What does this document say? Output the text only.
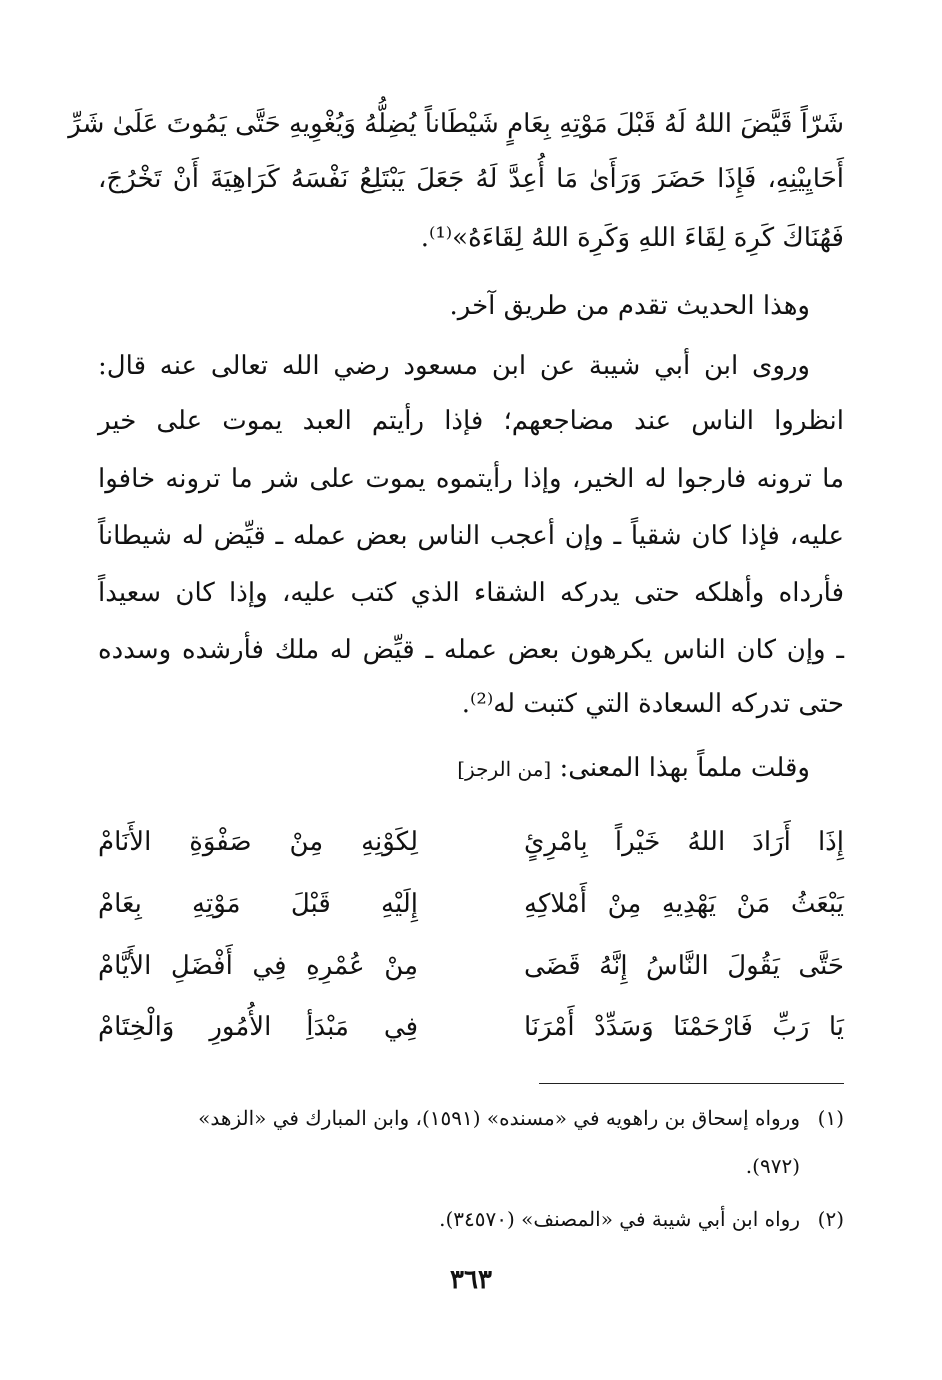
شَرّاً قَيَّضَ اللهُ لَهُ قَبْلَ مَوْتِهِ بِعَامٍ شَيْطَاناً يُضِلُّهُ وَيُغْوِيهِ حَتَّى يَمُوتَ عَلَىٰ شَرِّ
أَحَايِيْنِهِ، فَإِذَا حَضَرَ وَرَأَىٰ مَا أُعِدَّ لَهُ جَعَلَ يَبْتَلِعُ نَفْسَهُ كَرَاهِيَةَ أَنْ تَخْرُجَ،
فَهُنَاكَ كَرِهَ لِقَاءَ اللهِ وَكَرِهَ اللهُ لِقَاءَهُ»⁽¹⁾.
وهذا الحديث تقدم من طريق آخر.
وروى ابن أبي شيبة عن ابن مسعود رضي الله تعالى عنه قال:
انظروا الناس عند مضاجعهم؛ فإذا رأيتم العبد يموت على خير
ما ترونه فارجوا له الخير، وإذا رأيتموه يموت على شر ما ترونه خافوا
عليه، فإذا كان شقياً ـ وإن أعجب الناس بعض عمله ـ قيِّض له شيطاناً
فأرداه وأهلكه حتى يدركه الشقاء الذي كتب عليه، وإذا كان سعيداً
ـ وإن كان الناس يكرهون بعض عمله ـ قيِّض له ملك فأرشده وسدده
حتى تدركه السعادة التي كتبت له⁽²⁾.
وقلت ملماً بهذا المعنى: [من الرجز]
إِذَا أَرَادَ اللهُ خَيْراً بِامْرِئٍ
لِكَوْنِهِ مِنْ صَفْوَةِ الأَنَامْ
يَبْعَثُ مَنْ يَهْدِيهِ مِنْ أَمْلاكِهِ
إِلَيْهِ قَبْلَ مَوْتِهِ بِعَامْ
حَتَّى يَقُولَ النَّاسُ إِنَّهُ قَضَى
مِنْ عُمْرِهِ فِي أَفْضَلِ الأَيَّامْ
يَا رَبِّ فَارْحَمْنَا وَسَدِّدْ أَمْرَنَا
فِي مَبْدَأِ الأُمُورِ وَالْخِتَامْ
(١)ورواه إسحاق بن راهويه في «مسنده» (١٥٩١)، وابن المبارك في «الزهد»
(٩٧٢).
(٢)رواه ابن أبي شيبة في «المصنف» (٣٤٥٧٠).
٣٦٣
